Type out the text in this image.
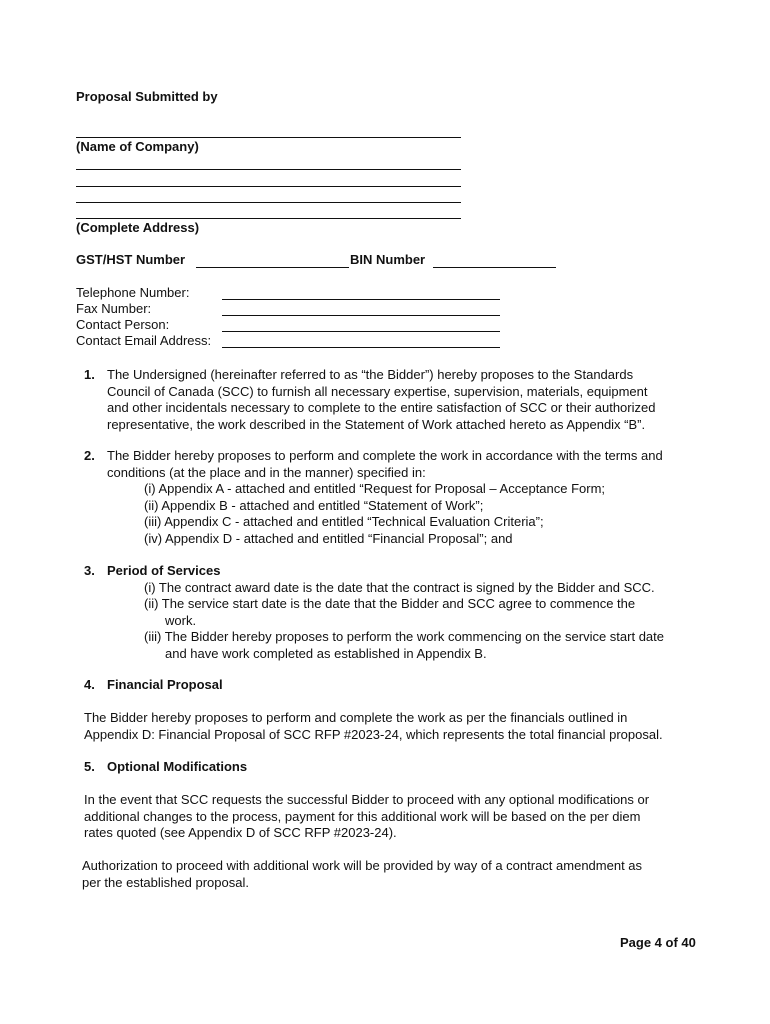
Proposal Submitted by
(Name of Company)
(Complete Address)
GST/HST Number	BIN Number
Telephone Number:
Fax Number:
Contact Person:
Contact Email Address:
1. The Undersigned (hereinafter referred to as “the Bidder”) hereby proposes to the Standards
Council of Canada (SCC) to furnish all necessary expertise, supervision, materials, equipment
and other incidentals necessary to complete to the entire satisfaction of SCC or their authorized
representative, the work described in the Statement of Work attached hereto as Appendix “B”.
2. The Bidder hereby proposes to perform and complete the work in accordance with the terms and
conditions (at the place and in the manner) specified in:
(i) Appendix A - attached and entitled “Request for Proposal – Acceptance Form;
(ii) Appendix B - attached and entitled “Statement of Work”;
(iii) Appendix C - attached and entitled “Technical Evaluation Criteria”;
(iv) Appendix D - attached and entitled “Financial Proposal”; and
3. Period of Services
(i) The contract award date is the date that the contract is signed by the Bidder and SCC.
(ii) The service start date is the date that the Bidder and SCC agree to commence the
work.
(iii) The Bidder hereby proposes to perform the work commencing on the service start date
and have work completed as established in Appendix B.
4. Financial Proposal
The Bidder hereby proposes to perform and complete the work as per the financials outlined in
Appendix D: Financial Proposal of SCC RFP #2023-24, which represents the total financial proposal.
5. Optional Modifications
In the event that SCC requests the successful Bidder to proceed with any optional modifications or
additional changes to the process, payment for this additional work will be based on the per diem
rates quoted (see Appendix D of SCC RFP #2023-24).
Authorization to proceed with additional work will be provided by way of a contract amendment as
per the established proposal.
Page 4 of 40
